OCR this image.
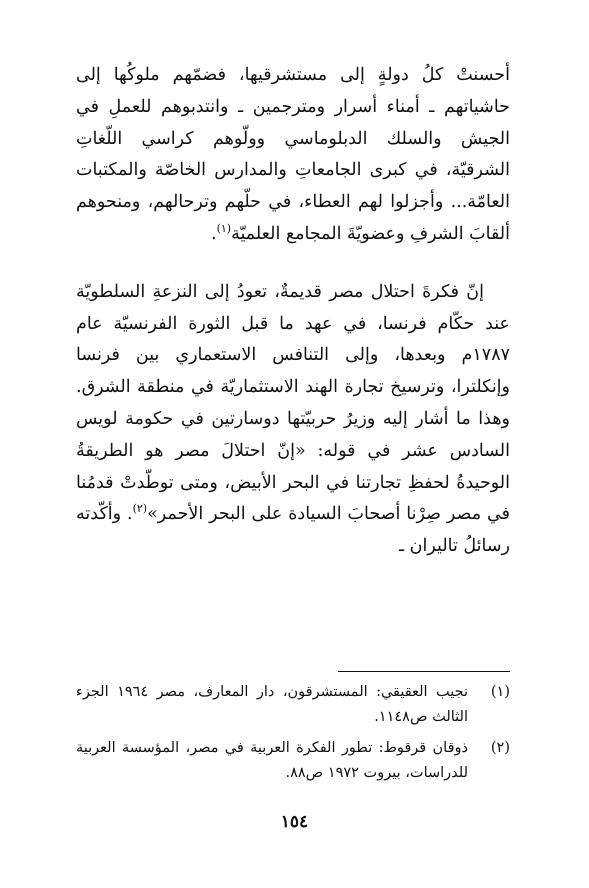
أحسنتْ كلُ دولةٍ إلى مستشرقيها، فضمّهم ملوكُها إلى حاشياتهم ـ أمناء أسرار ومترجمين ـ وانتدبوهم للعملِ في الجيش والسلك الدبلوماسي وولّوهم كراسي اللّغاتِ الشرقيّة، في كبرى الجامعاتِ والمدارس الخاصّة والمكتبات العامّة... وأجزلوا لهم العطاء، في حلّهم وترحالهم، ومنحوهم ألقابَ الشرفِ وعضويّةَ المجامع العلميّة$^{(١)}$.

إنّ فكرةَ احتلال مصر قديمةٌ، تعودُ إلى النزعةِ السلطويّة عند حكّام فرنسا، في عهد ما قبل الثورة الفرنسيّة عام ١٧٨٧م وبعدها، وإلى التنافس الاستعماري بين فرنسا وإنكلترا، وترسيخ تجارة الهند الاستثماريّة في منطقة الشرق. وهذا ما أشار إليه وزيرُ حربيّتها دوسارتين في حكومة لويس السادس عشر في قوله: «إنّ احتلالَ مصر هو الطريقةُ الوحيدةُ لحفظِ تجارتنا في البحر الأبيض، ومتى توطّدتْ قدمُنا في مصر صِرْنا أصحابَ السيادة على البحر الأحمر»$^{(٢)}$. وأكّدته رسائلُ تاليران ـ

(١)
نجيب العقيقي: المستشرقون، دار المعارف، مصر ١٩٦٤ الجزء الثالث ص١١٤٨.
(٢)
ذوقان قرقوط: تطور الفكرة العربية في مصر، المؤسسة العربية للدراسات، بيروت ١٩٧٢ ص٨٨.
١٥٤
